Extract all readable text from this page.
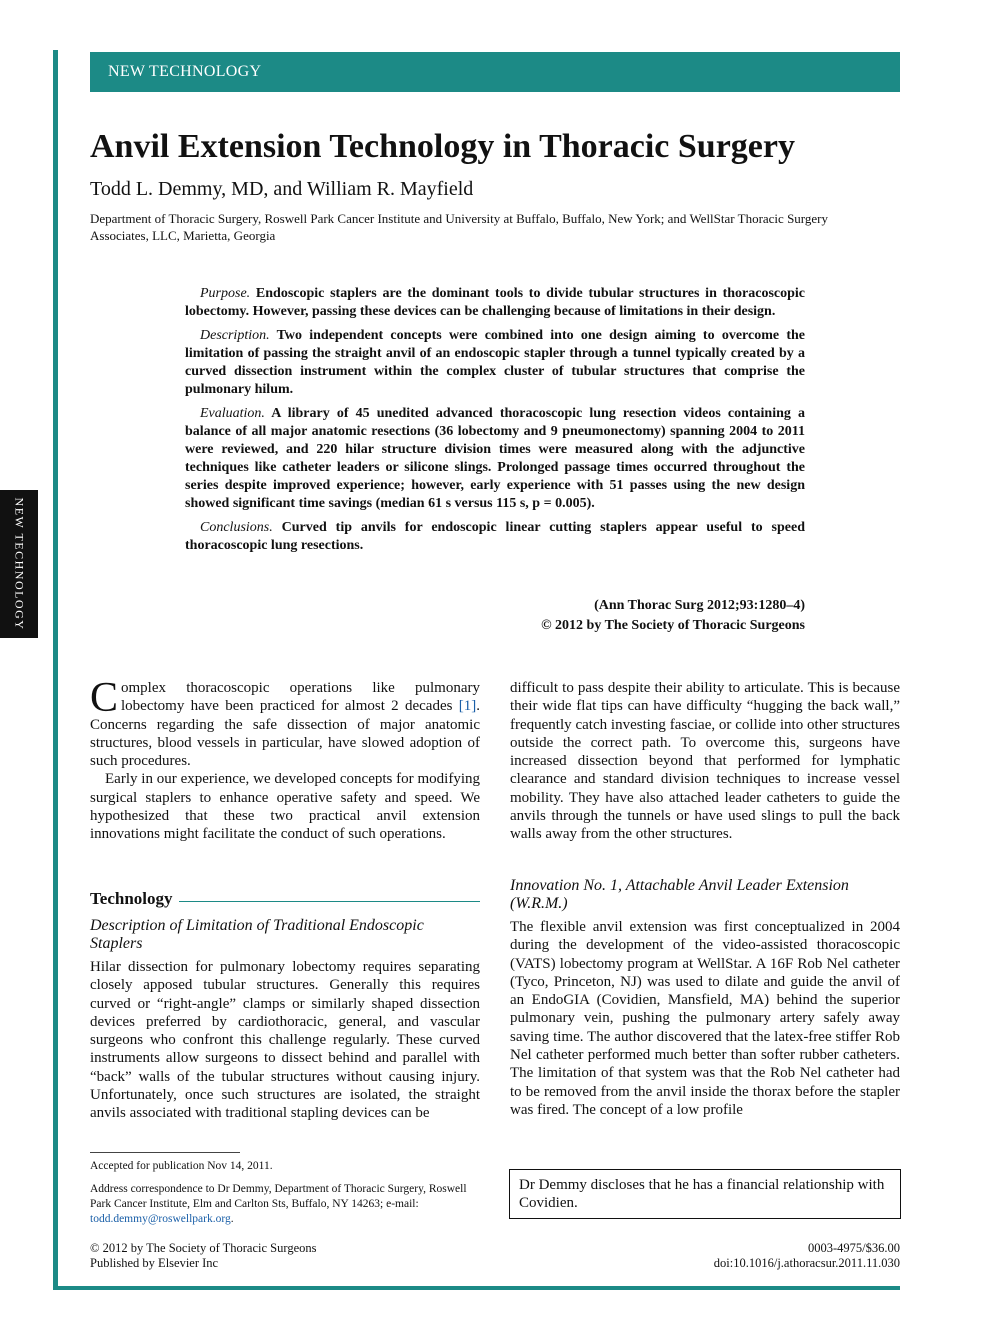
NEW TECHNOLOGY
NEW TECHNOLOGY
Anvil Extension Technology in Thoracic Surgery
Todd L. Demmy, MD, and William R. Mayfield
Department of Thoracic Surgery, Roswell Park Cancer Institute and University at Buffalo, Buffalo, New York; and WellStar Thoracic Surgery Associates, LLC, Marietta, Georgia

Purpose. Endoscopic staplers are the dominant tools to divide tubular structures in thoracoscopic lobectomy. However, passing these devices can be challenging because of limitations in their design.

Description. Two independent concepts were combined into one design aiming to overcome the limitation of passing the straight anvil of an endoscopic stapler through a tunnel typically created by a curved dissection instrument within the complex cluster of tubular structures that comprise the pulmonary hilum.

Evaluation. A library of 45 unedited advanced thoracoscopic lung resection videos containing a balance of all major anatomic resections (36 lobectomy and 9 pneumonectomy) spanning 2004 to 2011 were reviewed, and 220 hilar structure division times were measured along with the adjunctive techniques like catheter leaders or silicone slings. Prolonged passage times occurred throughout the series despite improved experience; however, early experience with 51 passes using the new design showed significant time savings (median 61 s versus 115 s, p = 0.005).

Conclusions. Curved tip anvils for endoscopic linear cutting staplers appear useful to speed thoracoscopic lung resections.

(Ann Thorac Surg 2012;93:1280–4)
© 2012 by The Society of Thoracic Surgeons

Complex thoracoscopic operations like pulmonary lobectomy have been practiced for almost 2 decades [1]. Concerns regarding the safe dissection of major anatomic structures, blood vessels in particular, have slowed adoption of such procedures.

Early in our experience, we developed concepts for modifying surgical staplers to enhance operative safety and speed. We hypothesized that these two practical anvil extension innovations might facilitate the conduct of such operations.

Technology
Description of Limitation of Traditional Endoscopic Staplers
Hilar dissection for pulmonary lobectomy requires separating closely apposed tubular structures. Generally this requires curved or “right-angle” clamps or similarly shaped dissection devices preferred by cardiothoracic, general, and vascular surgeons who confront this challenge regularly. These curved instruments allow surgeons to dissect behind and parallel with “back” walls of the tubular structures without causing injury. Unfortunately, once such structures are isolated, the straight anvils associated with traditional stapling devices can be
Accepted for publication Nov 14, 2011.
Address correspondence to Dr Demmy, Department of Thoracic Surgery, Roswell Park Cancer Institute, Elm and Carlton Sts, Buffalo, NY 14263; e-mail: todd.demmy@roswellpark.org.
difficult to pass despite their ability to articulate. This is because their wide flat tips can have difficulty “hugging the back wall,” frequently catch investing fasciae, or collide into other structures outside the correct path. To overcome this, surgeons have increased dissection beyond that performed for lymphatic clearance and standard division techniques to increase vessel mobility. They have also attached leader catheters to guide the anvils through the tunnels or have used slings to pull the back walls away from the other structures.
Innovation No. 1, Attachable Anvil Leader Extension (W.R.M.)
The flexible anvil extension was first conceptualized in 2004 during the development of the video-assisted thoracoscopic (VATS) lobectomy program at WellStar. A 16F Rob Nel catheter (Tyco, Princeton, NJ) was used to dilate and guide the anvil of an EndoGIA (Covidien, Mansfield, MA) behind the superior pulmonary vein, pushing the pulmonary artery safely away saving time. The author discovered that the latex-free stiffer Rob Nel catheter performed much better than softer rubber catheters. The limitation of that system was that the Rob Nel catheter had to be removed from the anvil inside the thorax before the stapler was fired. The concept of a low profile
Dr Demmy discloses that he has a financial relationship with Covidien.
© 2012 by The Society of Thoracic Surgeons
Published by Elsevier Inc
0003-4975/$36.00
doi:10.1016/j.athoracsur.2011.11.030
